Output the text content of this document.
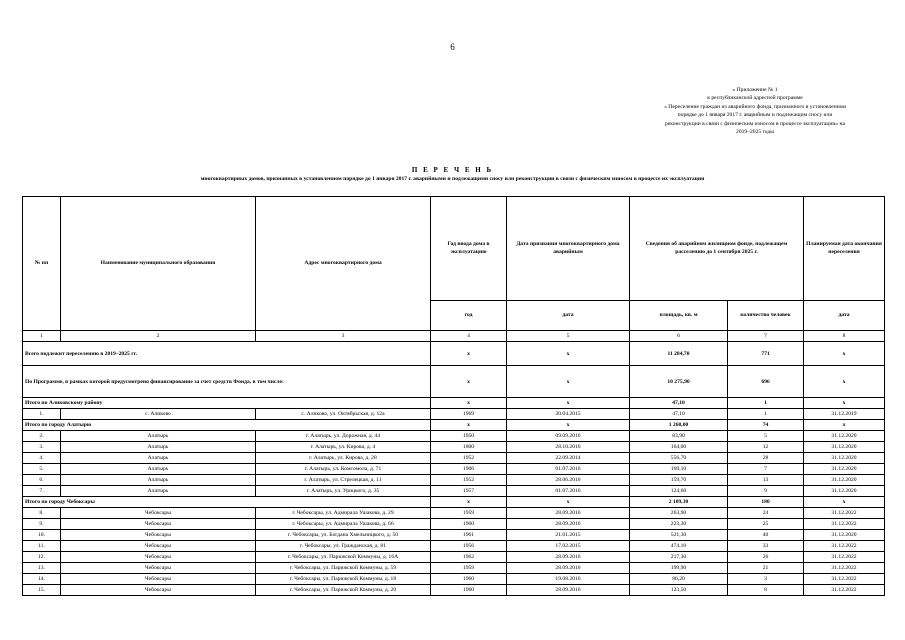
6
« Приложение № 1
к республиканской адресной программе
« Переселение граждан из аварийного фонда, признанного в установленном
порядке до 1 января 2017 г. аварийным и подлежащим сносу или
реконструкции в связи с физическим износом в процессе эксплуатации» на
2019–2025 годы
П Е Р Е Ч Е Н Ь
многоквартирных домов, признанных в установленном порядке до 1 января 2017 г. аварийными и подлежащими сносу или реконструкции в связи с физическим износом в процессе их эксплуатации
№ пп	Наименование муниципального образования	Адрес многоквартирного дома	Год ввода дома в эксплуатацию	Дата признания многоквартирного дома аварийным	Сведения об аварийном жилищном фонде, подлежащем расселению до 1 сентября 2025 г.		Планируемая дата окончания переселения
			год	дата	площадь, кв. м	количество человек	дата
1	2	3	4	5	6	7	8
Всего подлежит переселению в 2019–2025 гг.			x	x	11 284,70	771	x
По Программе, в рамках которой предусмотрено финансирование за счет средств Фонда, в том числе:			x	x	10 275,90	696	x
Итого по Аликовскому району			x	x	47,10	1	x
1.	с. Аликово	с. Аликово, ул. Октябрьская, д. 12а	1969	30.04.2015	47,10	1	31.12.2019
Итого по городу Алатырю			x	x	1 268,00	74	x
2.	Алатырь	г. Алатырь, ул. Дорожная, д. 44	1950	09.09.2016	83,90	5	31.12.2020
3.	Алатырь	г. Алатырь, ул. Кирова, д. 4	1800	28.10.2016	164,00	12	31.12.2020
4.	Алатырь	г. Алатырь, ул. Кирова, д. 28	1952	22.09.2014	556,70	28	31.12.2020
5.	Алатырь	г. Алатырь, ул. Комсомола, д. 71	1906	01.07.2016	169,10	7	31.12.2020
6.	Алатырь	г. Алатырь, ул. Стрелецкая, д. 11	1952	28.06.2016	159,70	13	31.12.2020
7.	Алатырь	г. Алатырь, ул. Урицкого, д. 35	1957	01.07.2016	124,60	9	31.12.2020
Итого по городу Чебоксары			x	x	2 109,30	180	x
8.	Чебоксары	г. Чебоксары, ул. Адмирала Ушакова, д. 29	1959	28.09.2016	263,90	24	31.12.2022
9.	Чебоксары	г. Чебоксары, ул. Адмирала Ушакова, д. 66	1960	28.09.2016	223,30	25	31.12.2022
10.	Чебоксары	г. Чебоксары, ул. Богдана Хмельницкого, д. 50	1961	21.01.2015	521,30	40	31.12.2020
11.	Чебоксары	г. Чебоксары, ул. Гражданская, д. 81	1956	17.02.2015	474,10	33	31.12.2022
12.	Чебоксары	г. Чебоксары, ул. Парижской Коммуны, д. 16А	1962	28.09.2016	217,30	26	31.12.2022
13.	Чебоксары	г. Чебоксары, ул. Парижской Коммуны, д. 59	1959	28.09.2016	199,90	21	31.12.2022
14.	Чебоксары	г. Чебоксары, ул. Парижской Коммуны, д. 18	1960	19.08.2016	86,20	3	31.12.2022
15.	Чебоксары	г. Чебоксары, ул. Парижской Коммуны, д. 20	1960	28.09.2016	123,50	8	31.12.2022
